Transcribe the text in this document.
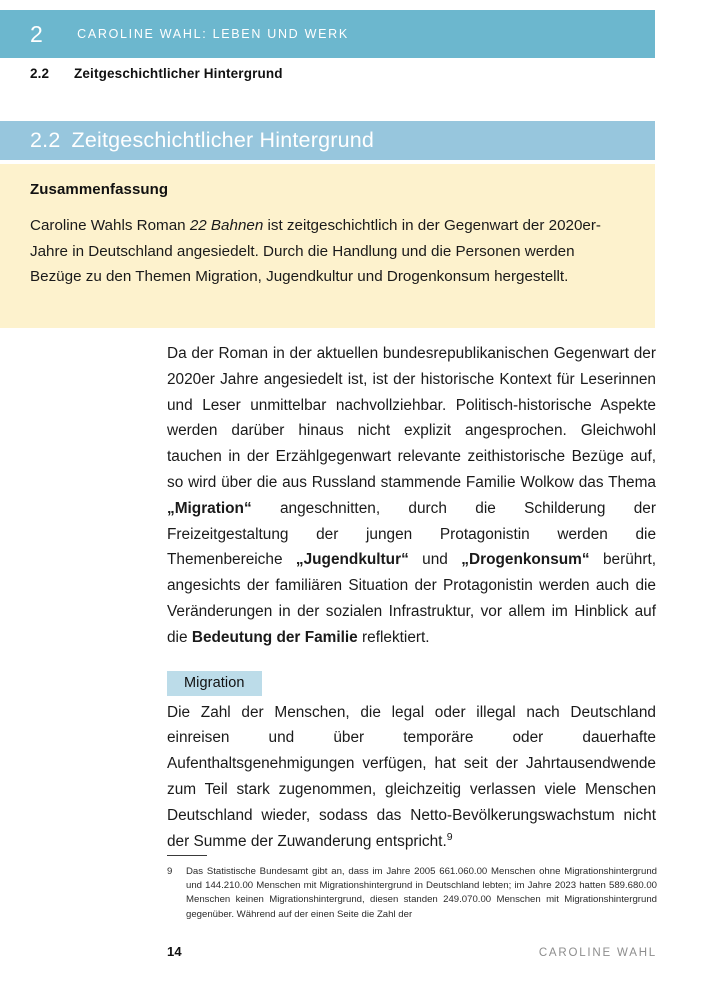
2	CAROLINE WAHL: LEBEN UND WERK
2.2	Zeitgeschichtlicher Hintergrund
2.2 Zeitgeschichtlicher Hintergrund

Zusammenfassung

Caroline Wahls Roman 22 Bahnen ist zeitgeschichtlich in der Gegenwart der 2020er-Jahre in Deutschland angesiedelt. Durch die Handlung und die Personen werden Bezüge zu den Themen Migration, Jugendkultur und Drogenkonsum hergestellt.

Da der Roman in der aktuellen bundesrepublikanischen Gegenwart der 2020er Jahre angesiedelt ist, ist der historische Kontext für Leserinnen und Leser unmittelbar nachvollziehbar. Politisch-historische Aspekte werden darüber hinaus nicht explizit angesprochen. Gleichwohl tauchen in der Erzählgegenwart relevante zeithistorische Bezüge auf, so wird über die aus Russland stammende Familie Wolkow das Thema „Migration“ angeschnitten, durch die Schilderung der Freizeitgestaltung der jungen Protagonistin werden die Themenbereiche „Jugendkultur“ und „Drogenkonsum“ berührt, angesichts der familiären Situation der Protagonistin werden auch die Veränderungen in der sozialen Infrastruktur, vor allem im Hinblick auf die Bedeutung der Familie reflektiert.

Migration

Die Zahl der Menschen, die legal oder illegal nach Deutschland einreisen und über temporäre oder dauerhafte Aufenthaltsgenehmigungen verfügen, hat seit der Jahrtausendwende zum Teil stark zugenommen, gleichzeitig verlassen viele Menschen Deutschland wieder, sodass das Netto-Bevölkerungswachstum nicht der Summe der Zuwanderung entspricht.$^9$

9	Das Statistische Bundesamt gibt an, dass im Jahre 2005 661.060.00 Menschen ohne Migrationshintergrund und 144.210.00 Menschen mit Migrationshintergrund in Deutschland lebten; im Jahre 2023 hatten 589.680.00 Menschen keinen Migrationshintergrund, diesen standen 249.070.00 Menschen mit Migrationshintergrund gegenüber. Während auf der einen Seite die Zahl der
14	CAROLINE WAHL
